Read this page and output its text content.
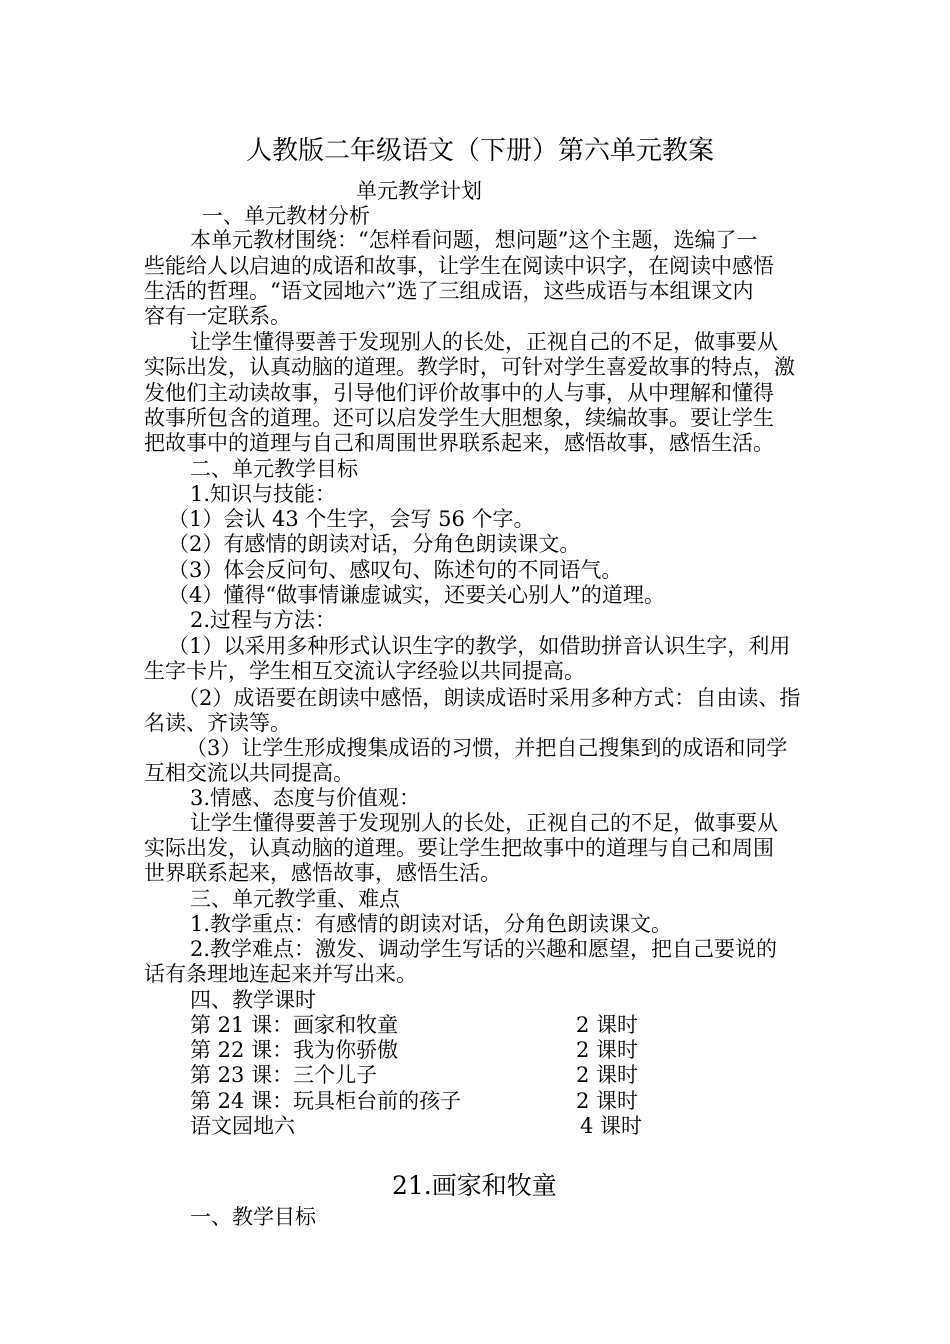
人教版二年级语文（下册）第六单元教案
单元教学计划
一、单元教材分析
本单元教材围绕：“怎样看问题，想问题”这个主题，选编了一
些能给人以启迪的成语和故事，让学生在阅读中识字，在阅读中感悟
生活的哲理。“语文园地六”选了三组成语，这些成语与本组课文内
容有一定联系。
让学生懂得要善于发现别人的长处，正视自己的不足，做事要从
实际出发，认真动脑的道理。教学时，可针对学生喜爱故事的特点，激
发他们主动读故事，引导他们评价故事中的人与事，从中理解和懂得
故事所包含的道理。还可以启发学生大胆想象，续编故事。要让学生
把故事中的道理与自己和周围世界联系起来，感悟故事，感悟生活。
二、单元教学目标
1.知识与技能：
（1）会认 43 个生字，会写 56 个字。
（2）有感情的朗读对话，分角色朗读课文。
（3）体会反问句、感叹句、陈述句的不同语气。
（4）懂得“做事情谦虚诚实，还要关心别人”的道理。
2.过程与方法：
（1）以采用多种形式认识生字的教学，如借助拼音认识生字，利用
生字卡片，学生相互交流认字经验以共同提高。
（2）成语要在朗读中感悟，朗读成语时采用多种方式：自由读、指
名读、齐读等。
（3）让学生形成搜集成语的习惯，并把自己搜集到的成语和同学
互相交流以共同提高。
3.情感、态度与价值观：
让学生懂得要善于发现别人的长处，正视自己的不足，做事要从
实际出发，认真动脑的道理。要让学生把故事中的道理与自己和周围
世界联系起来，感悟故事，感悟生活。
三、单元教学重、难点
1.教学重点：有感情的朗读对话，分角色朗读课文。
2.教学难点：激发、调动学生写话的兴趣和愿望，把自己要说的
话有条理地连起来并写出来。
四、教学课时
第 21 课：画家和牧童	2 课时
第 22 课：我为你骄傲	2 课时
第 23 课：三个儿子	2 课时
第 24 课：玩具柜台前的孩子	2 课时
语文园地六	4 课时
21.画家和牧童
一、教学目标
